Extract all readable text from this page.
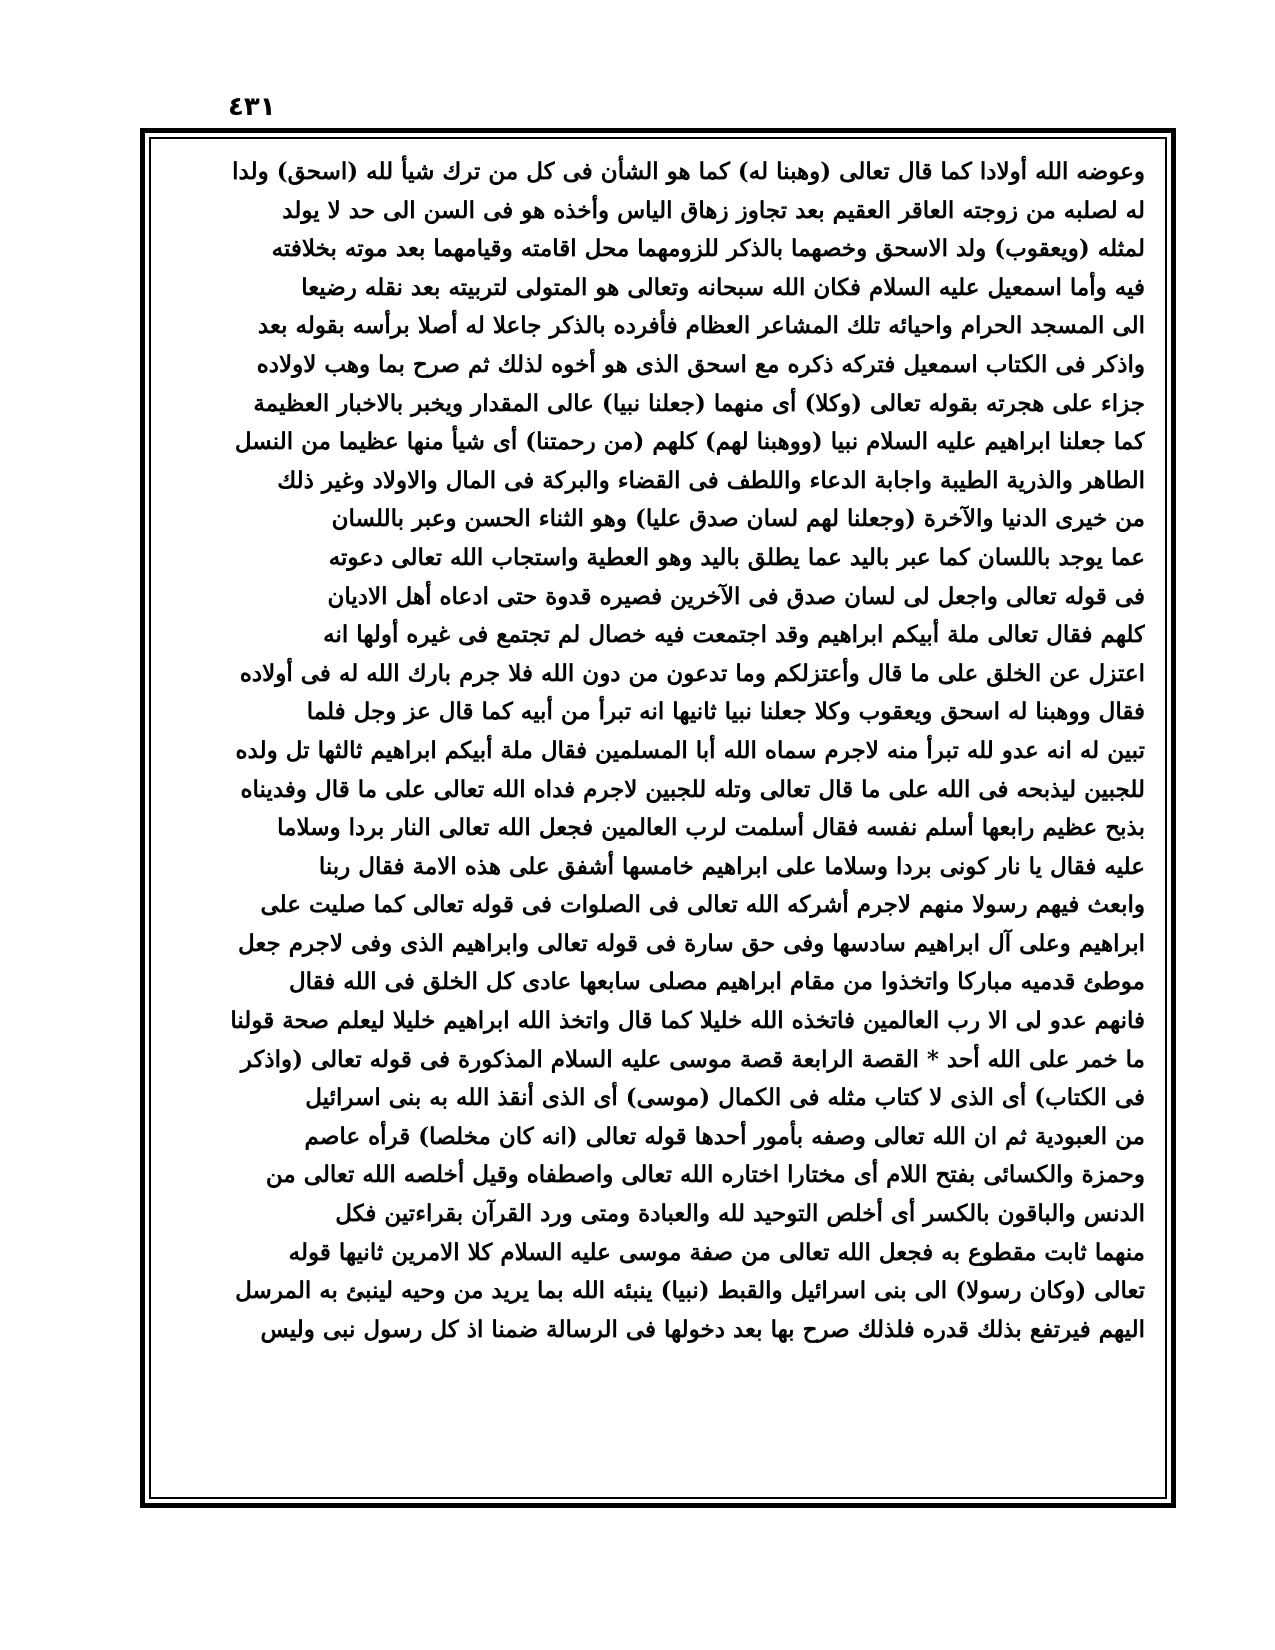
٤٣١
وعوضه الله أولادا كما قال تعالى (وهبنا له) كما هو الشأن فى كل من ترك شيأ لله (اسحق) ولدا
له لصلبه من زوجته العاقر العقيم بعد تجاوز زهاق الياس وأخذه هو فى السن الى حد لا يولد
لمثله (ويعقوب) ولد الاسحق وخصهما بالذكر للزومهما محل اقامته وقيامهما بعد موته بخلافته
فيه وأما اسمعيل عليه السلام فكان الله سبحانه وتعالى هو المتولى لتربيته بعد نقله رضيعا
الى المسجد الحرام واحيائه تلك المشاعر العظام فأفرده بالذكر جاعلا له أصلا برأسه بقوله بعد
واذكر فى الكتاب اسمعيل فتركه ذكره مع اسحق الذى هو أخوه لذلك ثم صرح بما وهب لاولاده
جزاء على هجرته بقوله تعالى (وكلا) أى منهما (جعلنا نبيا) عالى المقدار ويخبر بالاخبار العظيمة
كما جعلنا ابراهيم عليه السلام نبيا (ووهبنا لهم) كلهم (من رحمتنا) أى شيأ منها عظيما من النسل
الطاهر والذرية الطيبة واجابة الدعاء واللطف فى القضاء والبركة فى المال والاولاد وغير ذلك
من خيرى الدنيا والآخرة (وجعلنا لهم لسان صدق عليا) وهو الثناء الحسن وعبر باللسان
عما يوجد باللسان كما عبر باليد عما يطلق باليد وهو العطية واستجاب الله تعالى دعوته
فى قوله تعالى واجعل لى لسان صدق فى الآخرين فصيره قدوة حتى ادعاه أهل الاديان
كلهم فقال تعالى ملة أبيكم ابراهيم وقد اجتمعت فيه خصال لم تجتمع فى غيره أولها انه
اعتزل عن الخلق على ما قال وأعتزلكم وما تدعون من دون الله فلا جرم بارك الله له فى أولاده
فقال ووهبنا له اسحق ويعقوب وكلا جعلنا نبيا ثانيها انه تبرأ من أبيه كما قال عز وجل فلما
تبين له انه عدو لله تبرأ منه لاجرم سماه الله أبا المسلمين فقال ملة أبيكم ابراهيم ثالثها تل ولده
للجبين ليذبحه فى الله على ما قال تعالى وتله للجبين لاجرم فداه الله تعالى على ما قال وفديناه
بذبح عظيم رابعها أسلم نفسه فقال أسلمت لرب العالمين فجعل الله تعالى النار بردا وسلاما
عليه فقال يا نار كونى بردا وسلاما على ابراهيم خامسها أشفق على هذه الامة فقال ربنا
وابعث فيهم رسولا منهم لاجرم أشركه الله تعالى فى الصلوات فى قوله تعالى كما صليت على
ابراهيم وعلى آل ابراهيم سادسها وفى حق سارة فى قوله تعالى وابراهيم الذى وفى لاجرم جعل
موطئ قدميه مباركا واتخذوا من مقام ابراهيم مصلى سابعها عادى كل الخلق فى الله فقال
فانهم عدو لى الا رب العالمين فاتخذه الله خليلا كما قال واتخذ الله ابراهيم خليلا ليعلم صحة قولنا
ما خمر على الله أحد * القصة الرابعة قصة موسى عليه السلام المذكورة فى قوله تعالى (واذكر
فى الكتاب) أى الذى لا كتاب مثله فى الكمال (موسى) أى الذى أنقذ الله به بنى اسرائيل
من العبودية ثم ان الله تعالى وصفه بأمور أحدها قوله تعالى (انه كان مخلصا) قرأه عاصم
وحمزة والكسائى بفتح اللام أى مختارا اختاره الله تعالى واصطفاه وقيل أخلصه الله تعالى من
الدنس والباقون بالكسر أى أخلص التوحيد لله والعبادة ومتى ورد القرآن بقراءتين فكل
منهما ثابت مقطوع به فجعل الله تعالى من صفة موسى عليه السلام كلا الامرين ثانيها قوله
تعالى (وكان رسولا) الى بنى اسرائيل والقبط (نبيا) ينبئه الله بما يريد من وحيه لينبئ به المرسل
اليهم فيرتفع بذلك قدره فلذلك صرح بها بعد دخولها فى الرسالة ضمنا اذ كل رسول نبى وليس
